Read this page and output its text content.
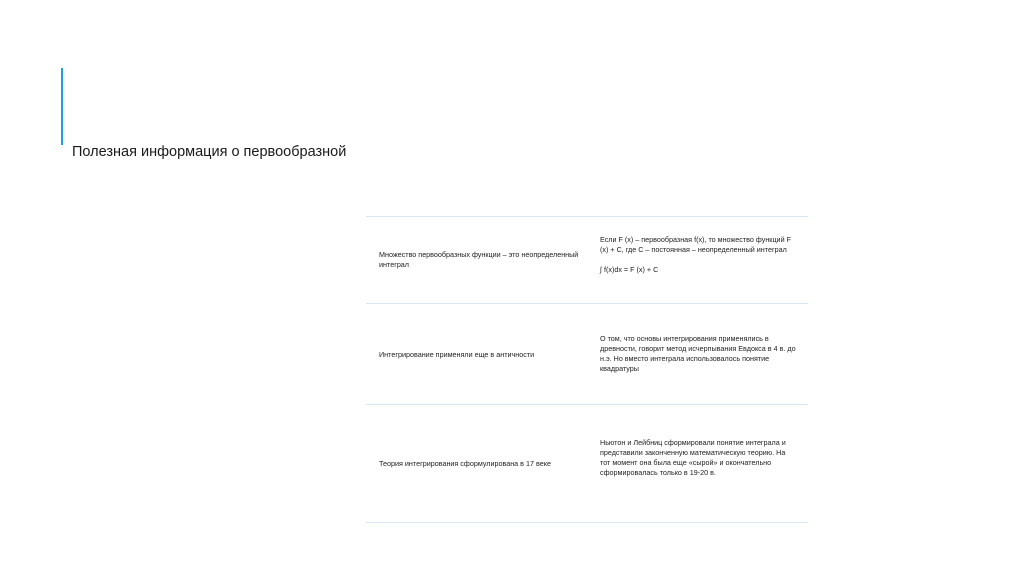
Полезная информация о первообразной
Множество первообразных функции – это неопределенный интеграл
Если F (x) – первообразная f(x), то множество функций F (x) + C, где C – постоянная – неопределенный интеграл
∫ f(x)dx = F (x) + C
Интегрирование применяли еще в античности
О том, что основы интегрирования применялись в древности, говорит метод исчерпывания Евдокса в 4 в. до н.э. Но вместо интеграла использовалось понятие квадратуры
Теория интегрирования сформулирована в 17 веке
Ньютон и Лейбниц сформировали понятие интеграла и представили законченную математическую теорию. На тот момент она была еще «сырой» и окончательно сформировалась только в 19-20 в.
